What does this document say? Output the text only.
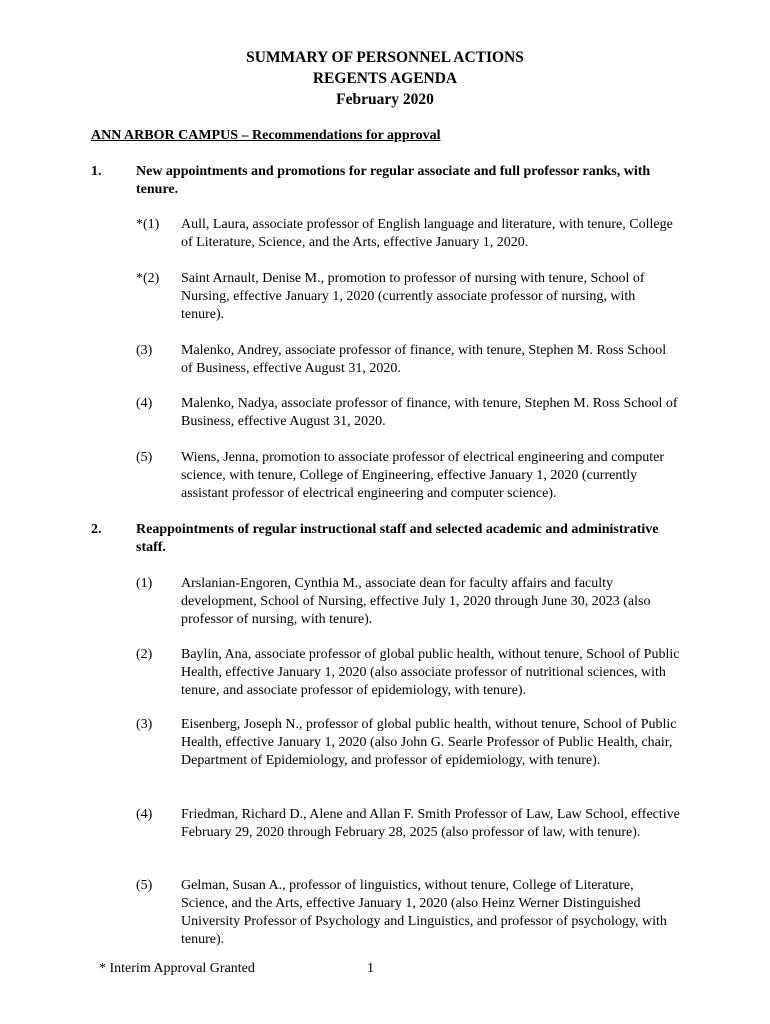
SUMMARY OF PERSONNEL ACTIONS
REGENTS AGENDA
February 2020
ANN ARBOR CAMPUS – Recommendations for approval
1. New appointments and promotions for regular associate and full professor ranks, with tenure.
*(1) Aull, Laura, associate professor of English language and literature, with tenure, College of Literature, Science, and the Arts, effective January 1, 2020.
*(2) Saint Arnault, Denise M., promotion to professor of nursing with tenure, School of Nursing, effective January 1, 2020 (currently associate professor of nursing, with tenure).
(3) Malenko, Andrey, associate professor of finance, with tenure, Stephen M. Ross School of Business, effective August 31, 2020.
(4) Malenko, Nadya, associate professor of finance, with tenure, Stephen M. Ross School of Business, effective August 31, 2020.
(5) Wiens, Jenna, promotion to associate professor of electrical engineering and computer science, with tenure, College of Engineering, effective January 1, 2020 (currently assistant professor of electrical engineering and computer science).
2. Reappointments of regular instructional staff and selected academic and administrative staff.
(1) Arslanian-Engoren, Cynthia M., associate dean for faculty affairs and faculty development, School of Nursing, effective July 1, 2020 through June 30, 2023 (also professor of nursing, with tenure).
(2) Baylin, Ana, associate professor of global public health, without tenure, School of Public Health, effective January 1, 2020 (also associate professor of nutritional sciences, with tenure, and associate professor of epidemiology, with tenure).
(3) Eisenberg, Joseph N., professor of global public health, without tenure, School of Public Health, effective January 1, 2020 (also John G. Searle Professor of Public Health, chair, Department of Epidemiology, and professor of epidemiology, with tenure).
(4) Friedman, Richard D., Alene and Allan F. Smith Professor of Law, Law School, effective February 29, 2020 through February 28, 2025 (also professor of law, with tenure).
(5) Gelman, Susan A., professor of linguistics, without tenure, College of Literature, Science, and the Arts, effective January 1, 2020 (also Heinz Werner Distinguished University Professor of Psychology and Linguistics, and professor of psychology, with tenure).
* Interim Approval Granted	1
